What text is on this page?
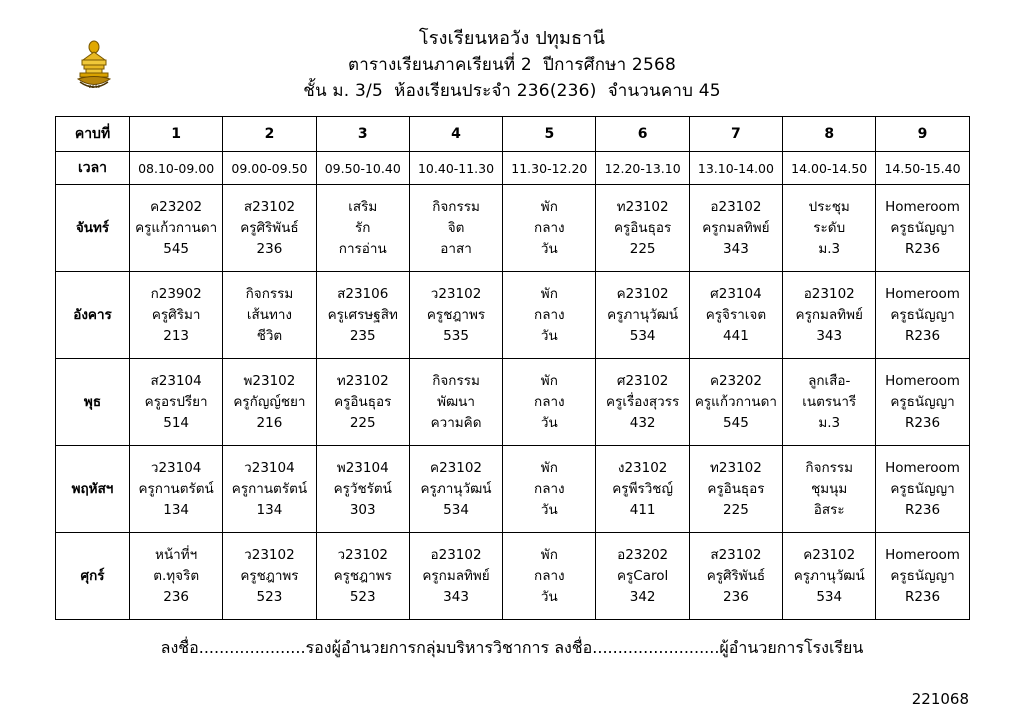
หอวัง
โรงเรียนหอวัง ปทุมธานี
ตารางเรียนภาคเรียนที่ 2  ปีการศึกษา 2568
ชั้น ม. 3/5  ห้องเรียนประจำ 236(236)  จำนวนคาบ 45
คาบที่	1	2	3	4	5	6	7	8	9
เวลา	08.10-09.00	09.00-09.50	09.50-10.40	10.40-11.30	11.30-12.20	12.20-13.10	13.10-14.00	14.00-14.50	14.50-15.40
จันทร์	ค23202
ครูแก้วกานดา
545	ส23102
ครูศิริพันธ์
236	เสริม
รัก
การอ่าน	กิจกรรม
จิต
อาสา	พัก
กลาง
วัน	ท23102
ครูอินธุอร
225	อ23102
ครูกมลทิพย์
343	ประชุม
ระดับ
ม.3	Homeroom
ครูธนัญญา
R236

อังคาร	ก23902
ครูศิริมา
213	กิจกรรม
เส้นทาง
ชีวิต	ส23106
ครูเศรษฐสิท
235	ว23102
ครูชฎาพร
535	พัก
กลาง
วัน	ค23102
ครูภานุวัฒน์
534	ศ23104
ครูจิราเจต
441	อ23102
ครูกมลทิพย์
343	Homeroom
ครูธนัญญา
R236

พุธ	ส23104
ครูอรปรียา
514	พ23102
ครูกัญญ์ชยา
216	ท23102
ครูอินธุอร
225	กิจกรรม
พัฒนา
ความคิด	พัก
กลาง
วัน	ศ23102
ครูเรื่องสุวรร
432	ค23202
ครูแก้วกานดา
545	ลูกเสือ-
เนตรนารี
ม.3	Homeroom
ครูธนัญญา
R236

พฤหัสฯ	ว23104
ครูกานตรัตน์
134	ว23104
ครูกานตรัตน์
134	พ23104
ครูวัชรัตน์
303	ค23102
ครูภานุวัฒน์
534	พัก
กลาง
วัน	ง23102
ครูพีรวิชญ์
411	ท23102
ครูอินธุอร
225	กิจกรรม
ชุมนุม
อิสระ	Homeroom
ครูธนัญญา
R236

ศุกร์	หน้าที่ฯ
ต.ทุจริต
236	ว23102
ครูชฎาพร
523	ว23102
ครูชฎาพร
523	อ23102
ครูกมลทิพย์
343	พัก
กลาง
วัน	อ23202
ครูCarol
342	ส23102
ครูศิริพันธ์
236	ค23102
ครูภานุวัฒน์
534	Homeroom
ครูธนัญญา
R236
ลงชื่อ.....................รองผู้อำนวยการกลุ่มบริหารวิชาการ ลงชื่อ.........................ผู้อำนวยการโรงเรียน
221068
